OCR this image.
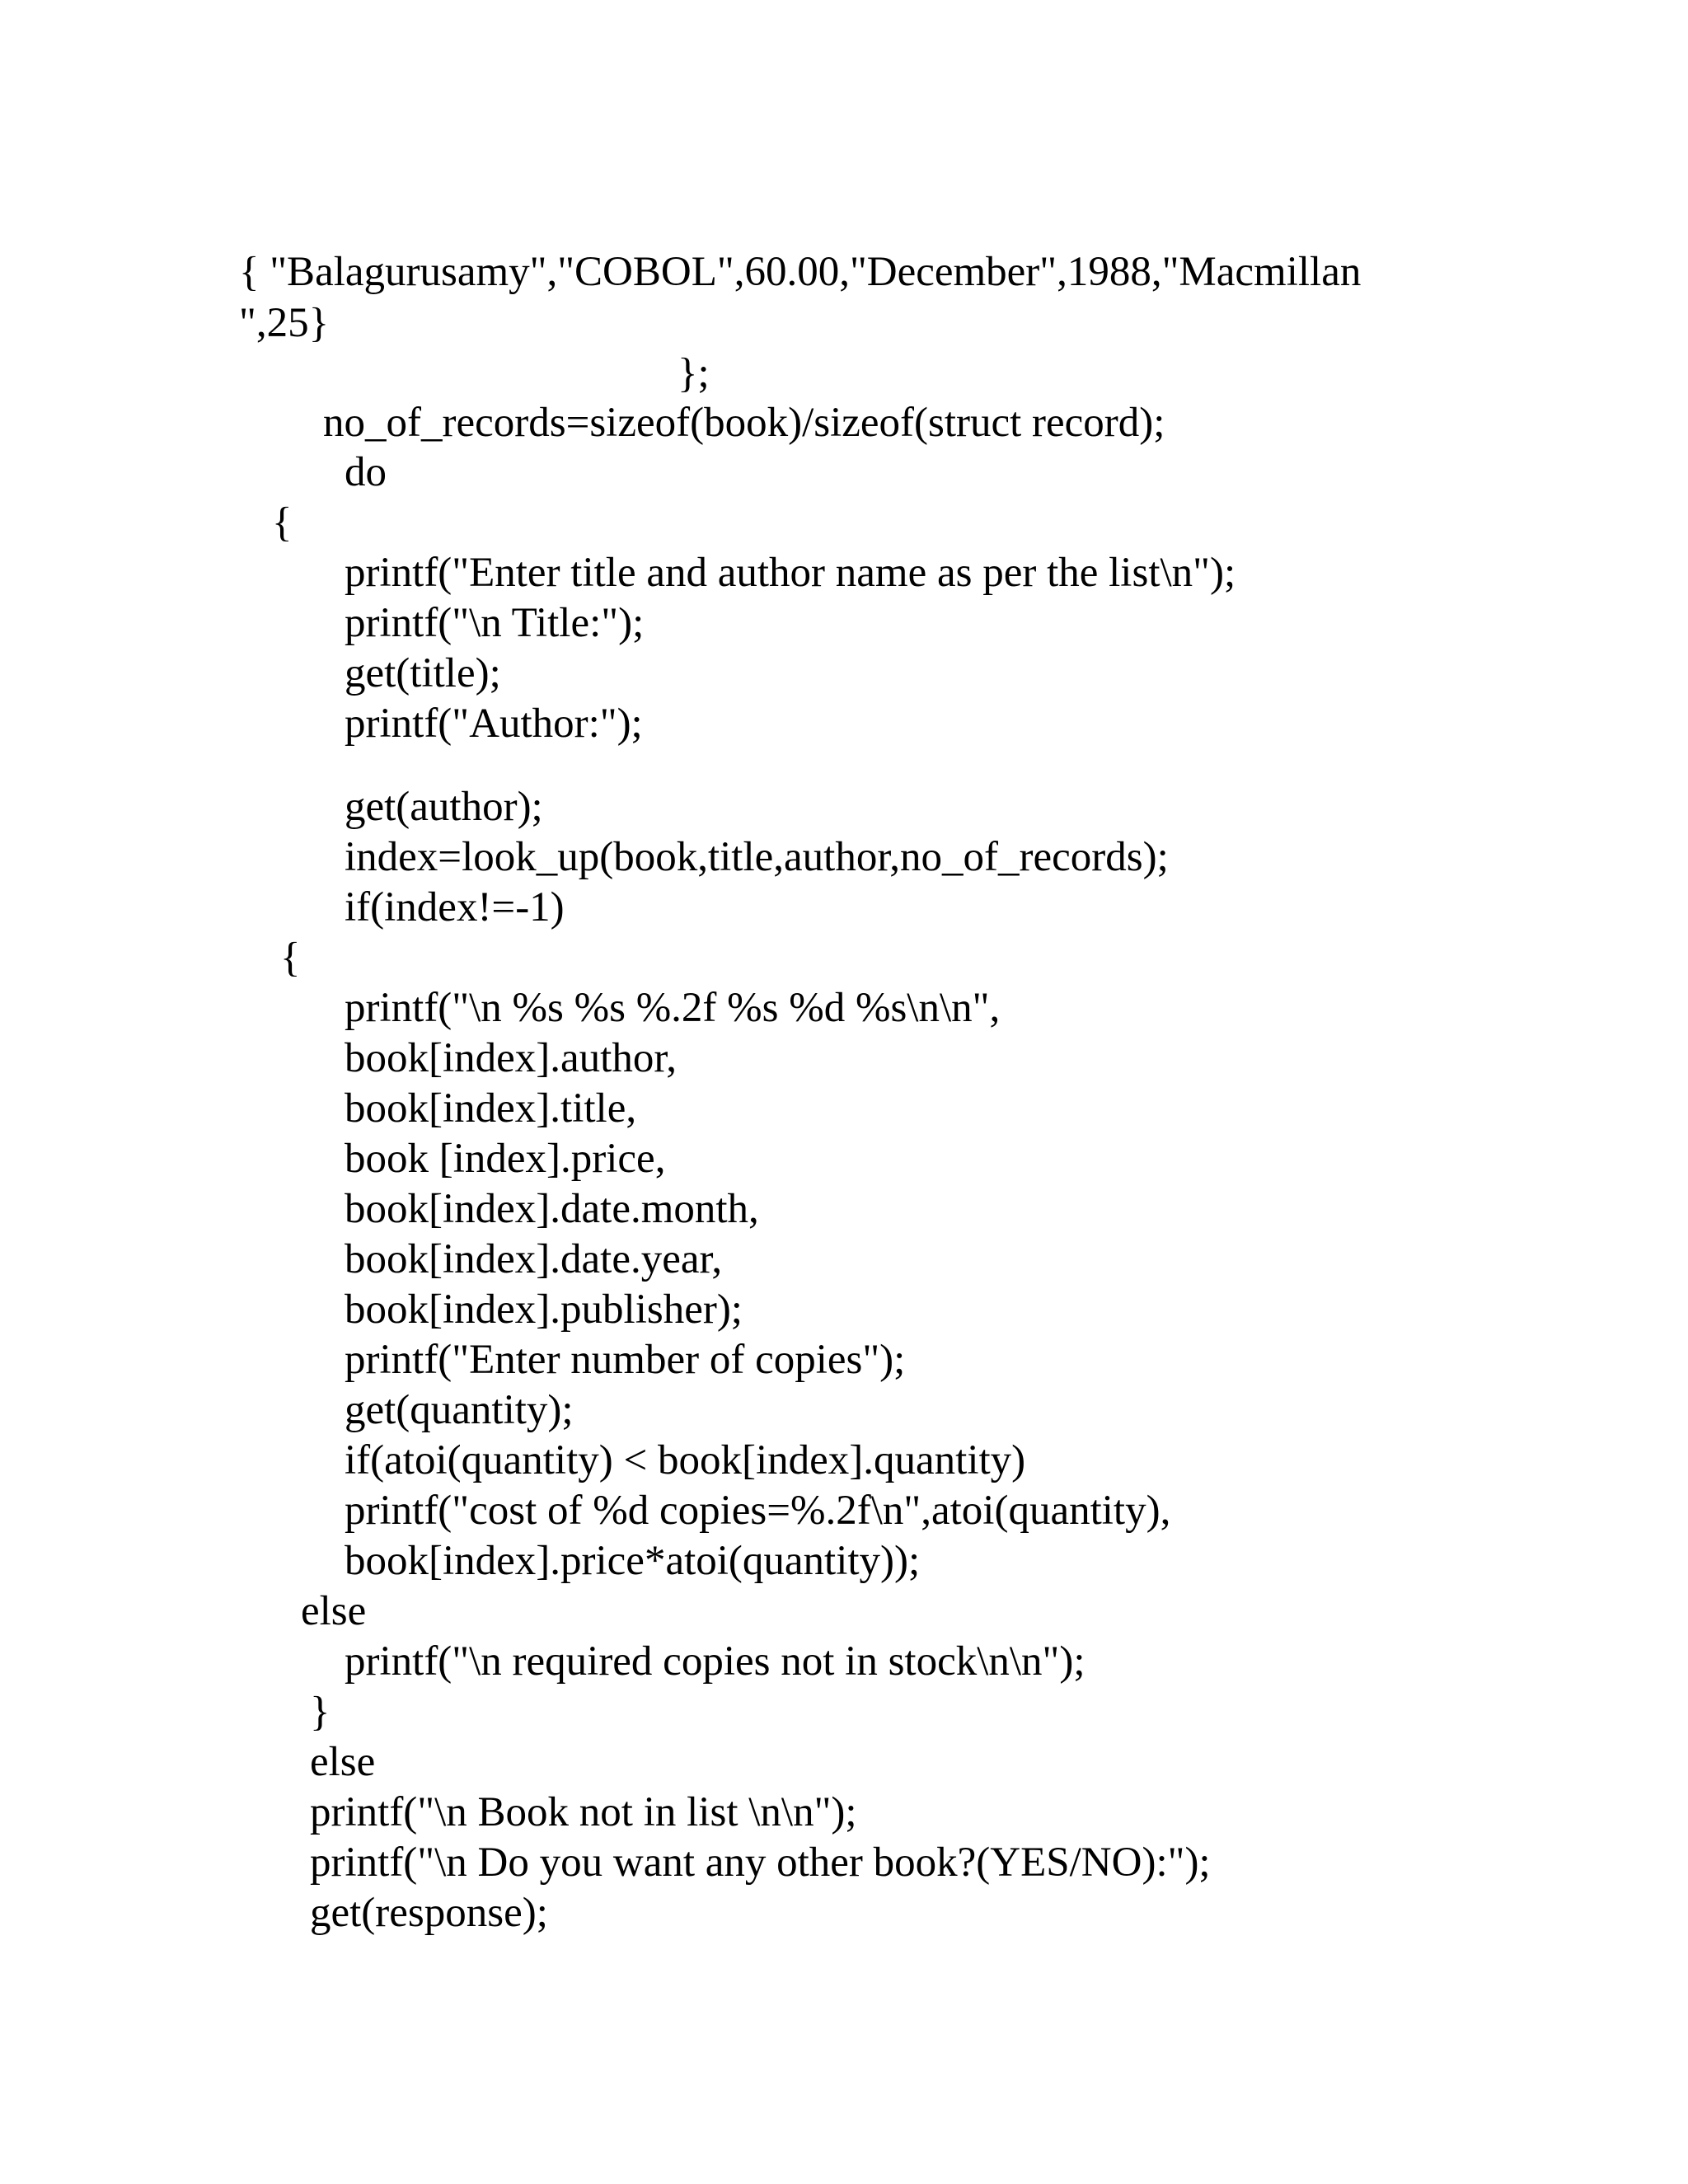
{ "Balagurusamy","COBOL",60.00,"December",1988,"Macmillan
",25}
};
no_of_records=sizeof(book)/sizeof(struct record);
do
{
printf("Enter title and author name as per the list\n");
printf("\n Title:");
get(title);
printf("Author:");
get(author);
index=look_up(book,title,author,no_of_records);
if(index!=-1)
{
printf("\n %s %s %.2f %s %d %s\n\n",
book[index].author,
book[index].title,
book [index].price,
book[index].date.month,
book[index].date.year,
book[index].publisher);
printf("Enter number of copies");
get(quantity);
if(atoi(quantity) < book[index].quantity)
printf("cost of %d copies=%.2f\n",atoi(quantity),
book[index].price*atoi(quantity));
else
printf("\n required copies not in stock\n\n");
}
else
printf("\n Book not in list \n\n");
printf("\n Do you want any other book?(YES/NO):");
get(response);
